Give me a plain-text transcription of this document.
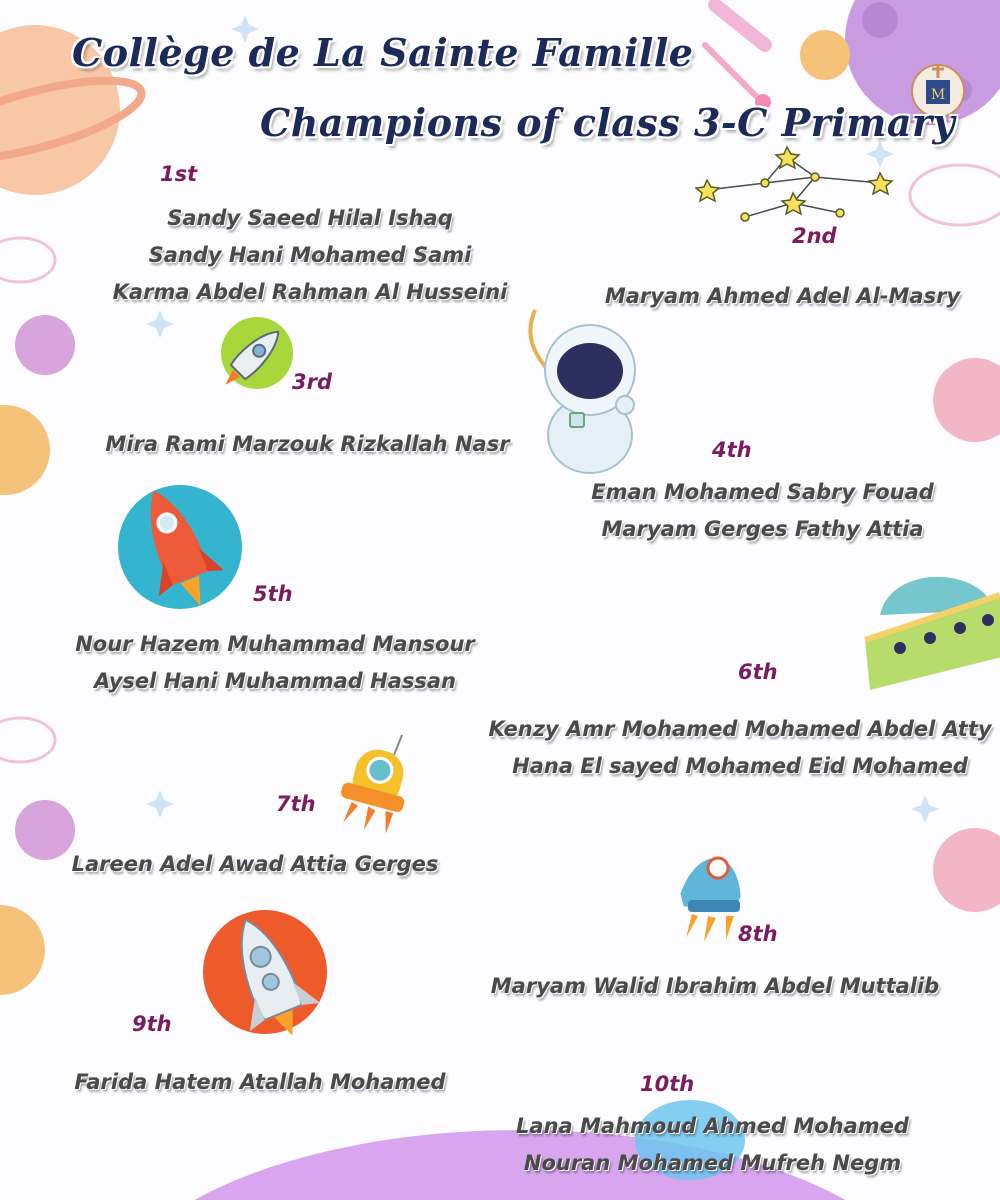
M
Collège de La Sainte Famille
Champions of class 3-C Primary
1st
Sandy Saeed Hilal Ishaq
Sandy Hani Mohamed Sami
Karma Abdel Rahman Al Husseini
2nd
Maryam Ahmed Adel Al-Masry
3rd
Mira Rami Marzouk Rizkallah Nasr	4th
Eman Mohamed Sabry Fouad
Maryam Gerges Fathy Attia
5th
Nour Hazem Muhammad Mansour
Aysel Hani Muhammad Hassan	6th
Kenzy Amr Mohamed Mohamed Abdel Atty
Hana El sayed Mohamed Eid Mohamed
7th
Lareen Adel Awad Attia Gerges
8th
Maryam Walid Ibrahim Abdel Muttalib
9th
Farida Hatem Atallah Mohamed	10th
Lana Mahmoud Ahmed Mohamed
Nouran Mohamed Mufreh Negm
